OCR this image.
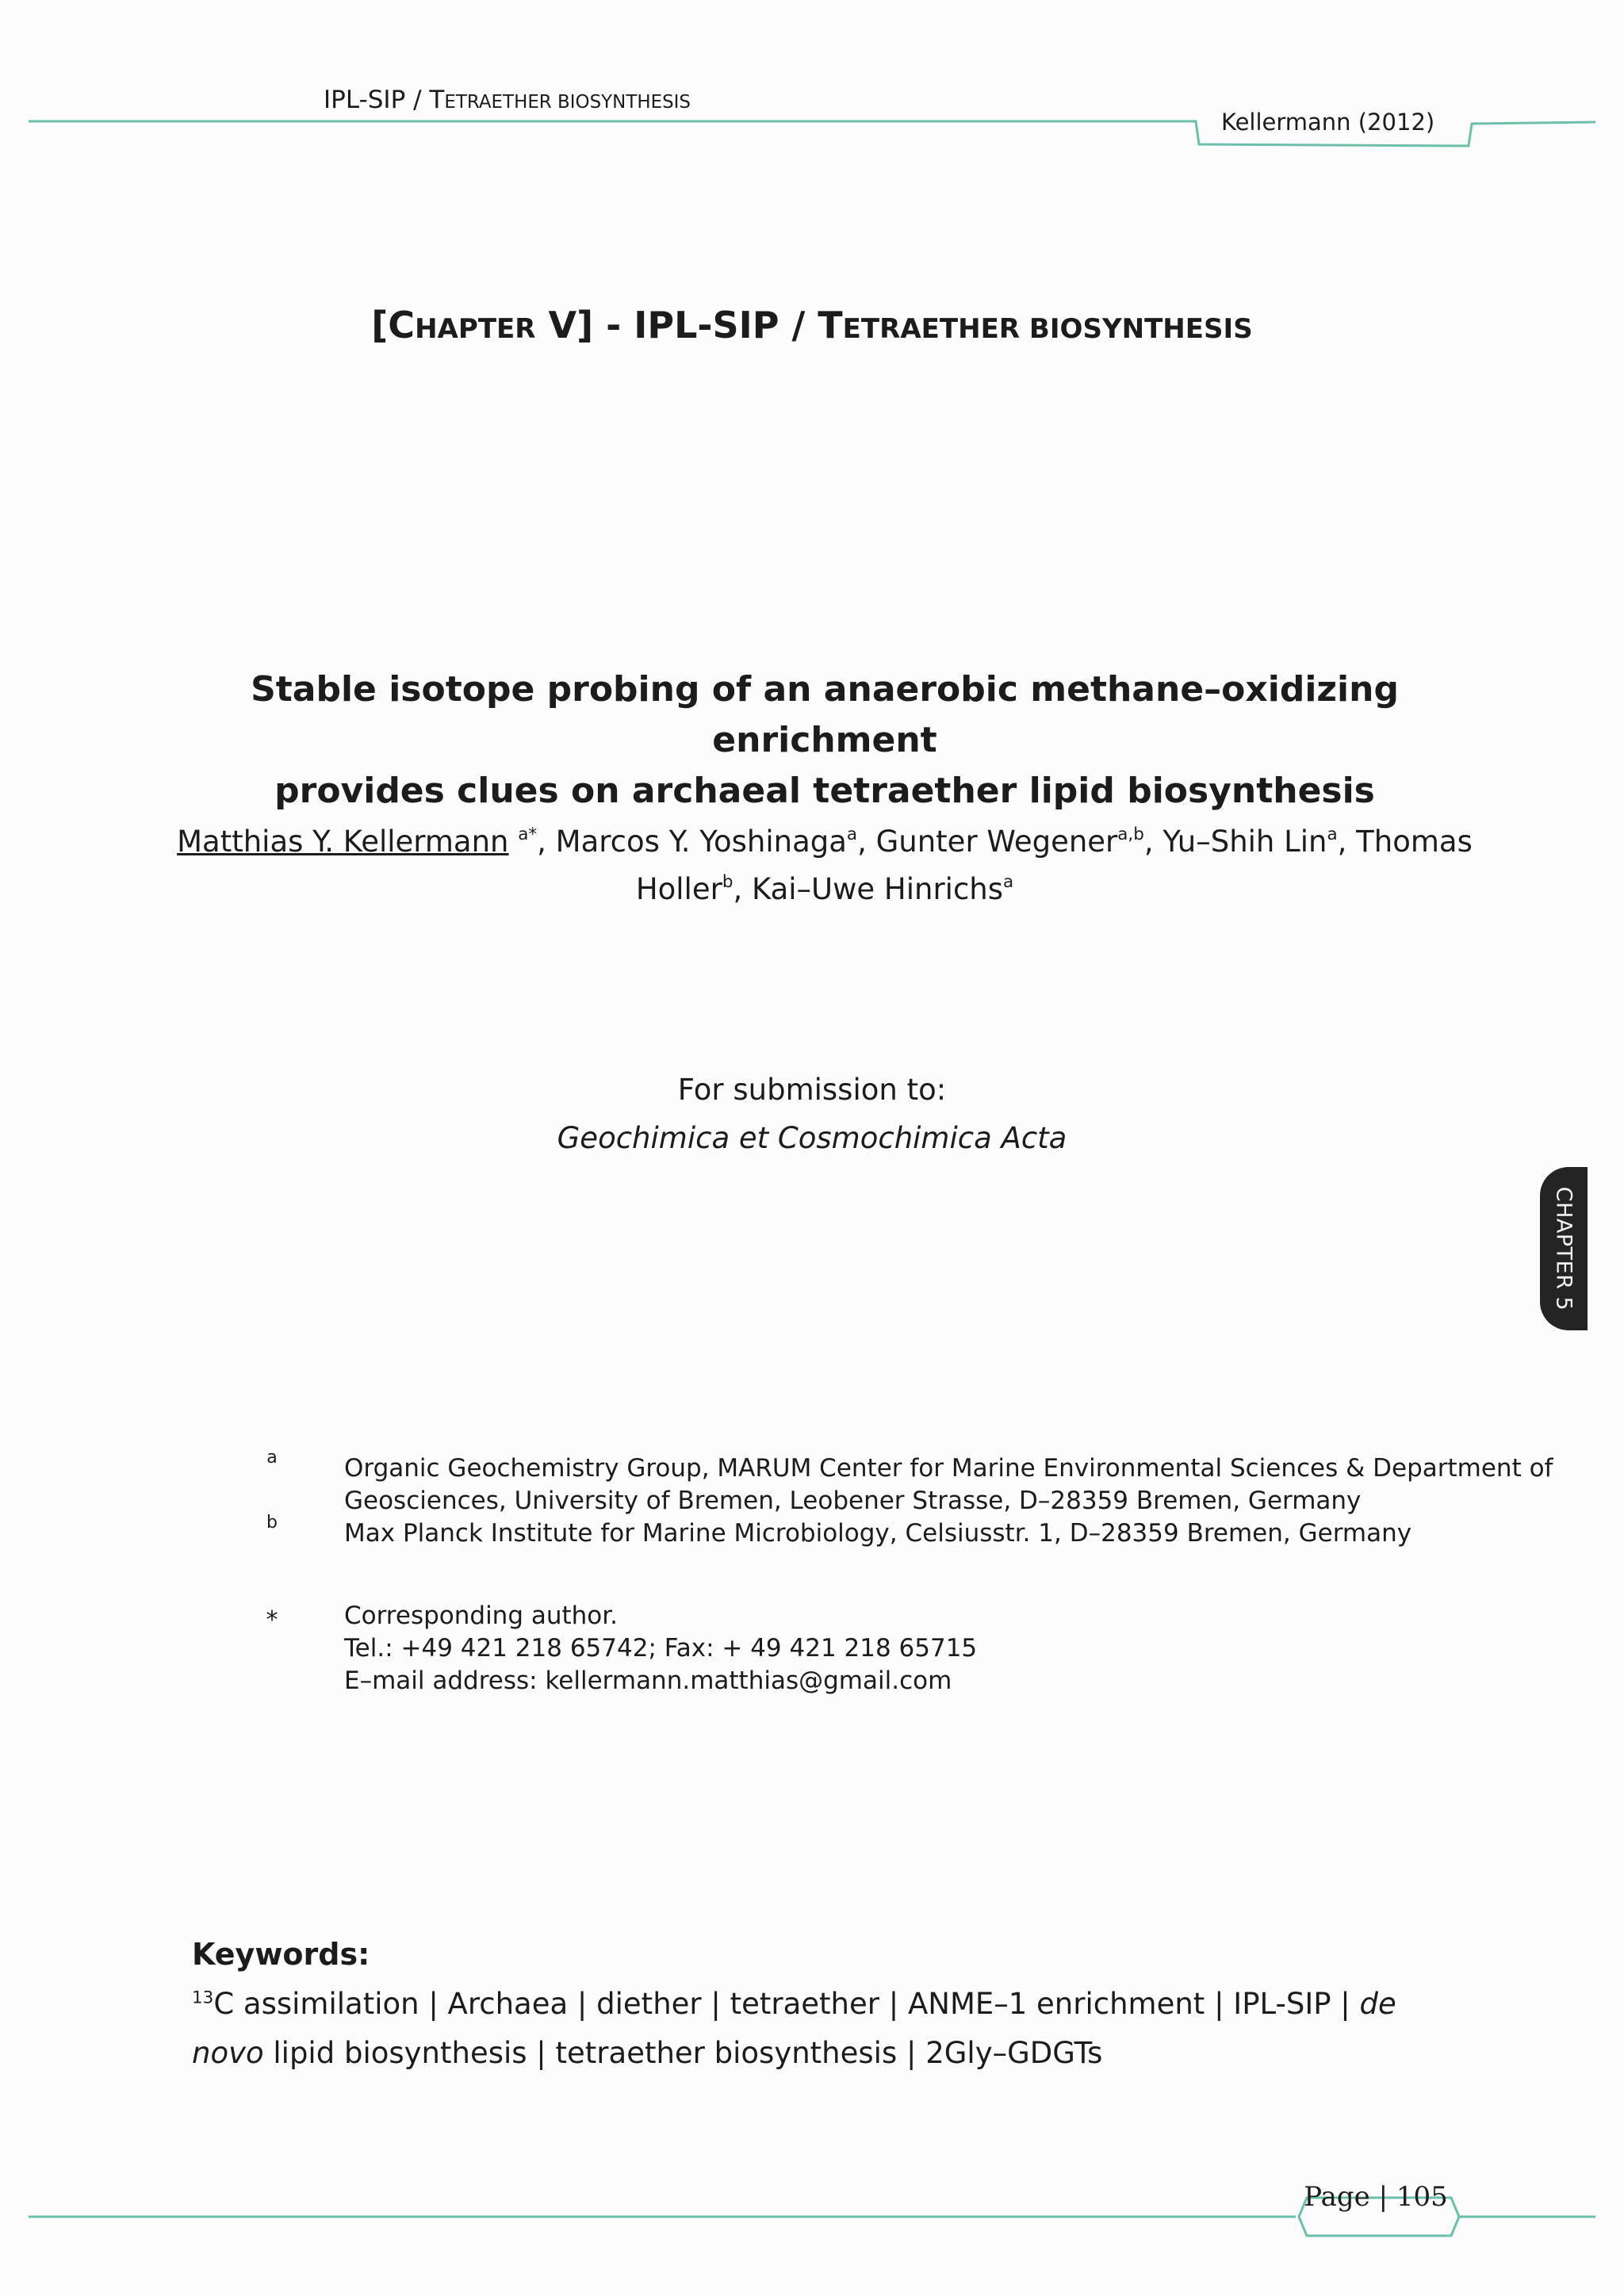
IPL-SIP / TETRAETHER BIOSYNTHESIS
Kellermann (2012)
[CHAPTER V] - IPL-SIP / TETRAETHER BIOSYNTHESIS
Stable isotope probing of an anaerobic methane–oxidizing enrichment
provides clues on archaeal tetraether lipid biosynthesis
Matthias Y. Kellermann $^{a*}$, Marcos Y. Yoshinaga$^a$, Gunter Wegener$^{a,b}$, Yu–Shih Lin$^a$, Thomas
Holler$^b$, Kai–Uwe Hinrichs$^a$
For submission to:
Geochimica et Cosmochimica Acta
CHAPTER 5
a	Organic Geochemistry Group, MARUM Center for Marine Environmental Sciences & Department of
Geosciences, University of Bremen, Leobener Strasse, D–28359 Bremen, Germany
b	Max Planck Institute for Marine Microbiology, Celsiusstr. 1, D–28359 Bremen, Germany
*	Corresponding author.
Tel.: +49 421 218 65742; Fax: + 49 421 218 65715
E–mail address: kellermann.matthias@gmail.com
Keywords:
$^{13}$C assimilation | Archaea | diether | tetraether | ANME–1 enrichment | IPL-SIP | de novo lipid biosynthesis | tetraether biosynthesis | 2Gly–GDGTs
Page | 105
